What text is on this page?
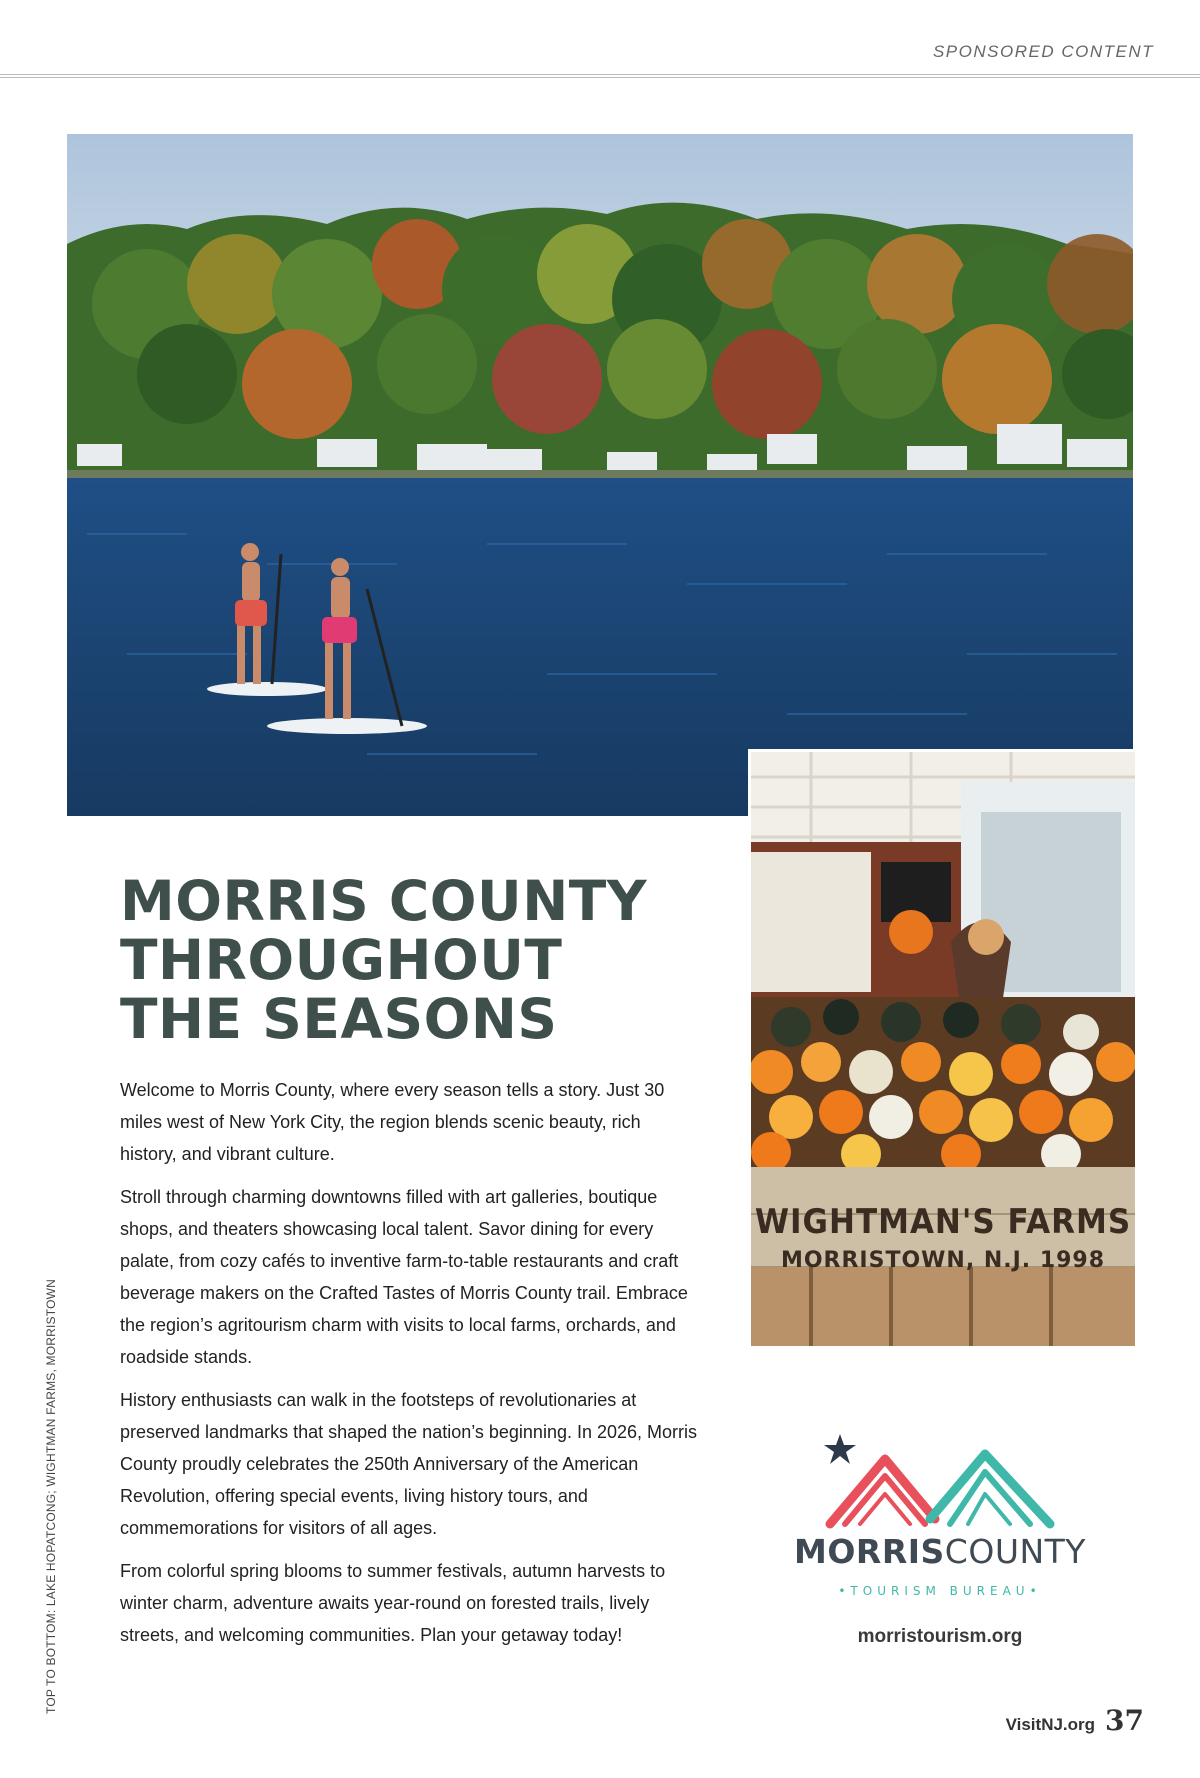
SPONSORED CONTENT
WIGHTMAN'S FARMS
MORRISTOWN, N.J. 1998
MORRIS COUNTY
THROUGHOUT
THE SEASONS

Welcome to Morris County, where every season tells a story. Just 30 miles west of New York City, the region blends scenic beauty, rich history, and vibrant culture.

Stroll through charming downtowns filled with art galleries, boutique shops, and theaters showcasing local talent. Savor dining for every palate, from cozy cafés to inventive farm-to-table restaurants and craft beverage makers on the Crafted Tastes of Morris County trail. Embrace the region’s agritourism charm with visits to local farms, orchards, and roadside stands.

History enthusiasts can walk in the footsteps of revolutionaries at preserved landmarks that shaped the nation’s beginning. In 2026, Morris County proudly celebrates the 250th Anniversary of the American Revolution, offering special events, living history tours, and commemorations for visitors of all ages.

From colorful spring blooms to summer festivals, autumn harvests to winter charm, adventure awaits year-round on forested trails, lively streets, and welcoming communities. Plan your getaway today!

TOP TO BOTTOM: LAKE HOPATCONG; WIGHTMAN FARMS, MORRISTOWN	MORRISCOUNTY
•TOURISM BUREAU•
morristourism.org
VisitNJ.org 37
